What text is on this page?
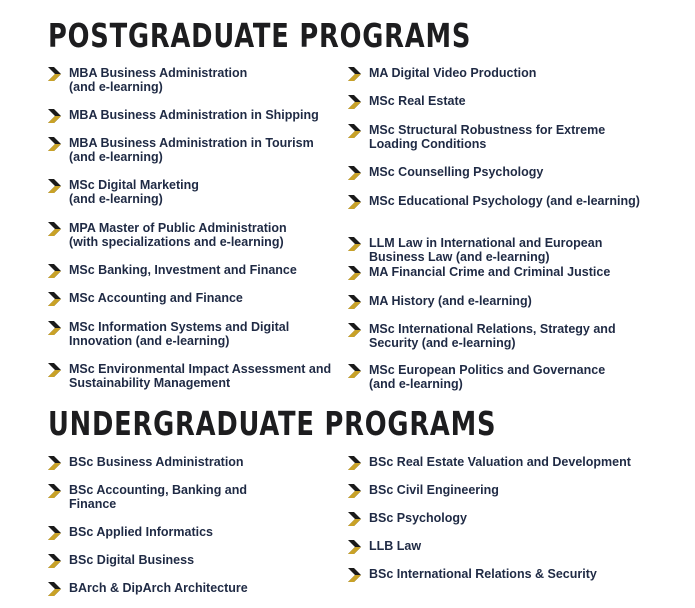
POSTGRADUATE PROGRAMS
MBA Business Administration
(and e-learning)
MBA Business Administration in Shipping
MBA Business Administration in Tourism
(and e-learning)
MSc Digital Marketing
(and e-learning)
MPA Master of Public Administration
(with specializations and e-learning)
MSc Banking, Investment and Finance
MSc Accounting and Finance
MSc Information Systems and Digital
Innovation (and e-learning)
MSc Environmental Impact Assessment and
Sustainability Management
MA Digital Video Production
MSc Real Estate
MSc Structural Robustness for Extreme
Loading Conditions
MSc Counselling Psychology
MSc Educational Psychology (and e-learning)
LLM Law in International and European
Business Law (and e-learning)
MA Financial Crime and Criminal Justice
MA History (and e-learning)
MSc International Relations, Strategy and
Security (and e-learning)
MSc European Politics and Governance
(and e-learning)
UNDERGRADUATE PROGRAMS
BSc Business Administration
BSc Accounting, Banking and
Finance
BSc Applied Informatics
BSc Digital Business
BArch & DipArch Architecture
BSc Real Estate Valuation and Development
BSc Civil Engineering
BSc Psychology
LLB Law
BSc International Relations & Security
